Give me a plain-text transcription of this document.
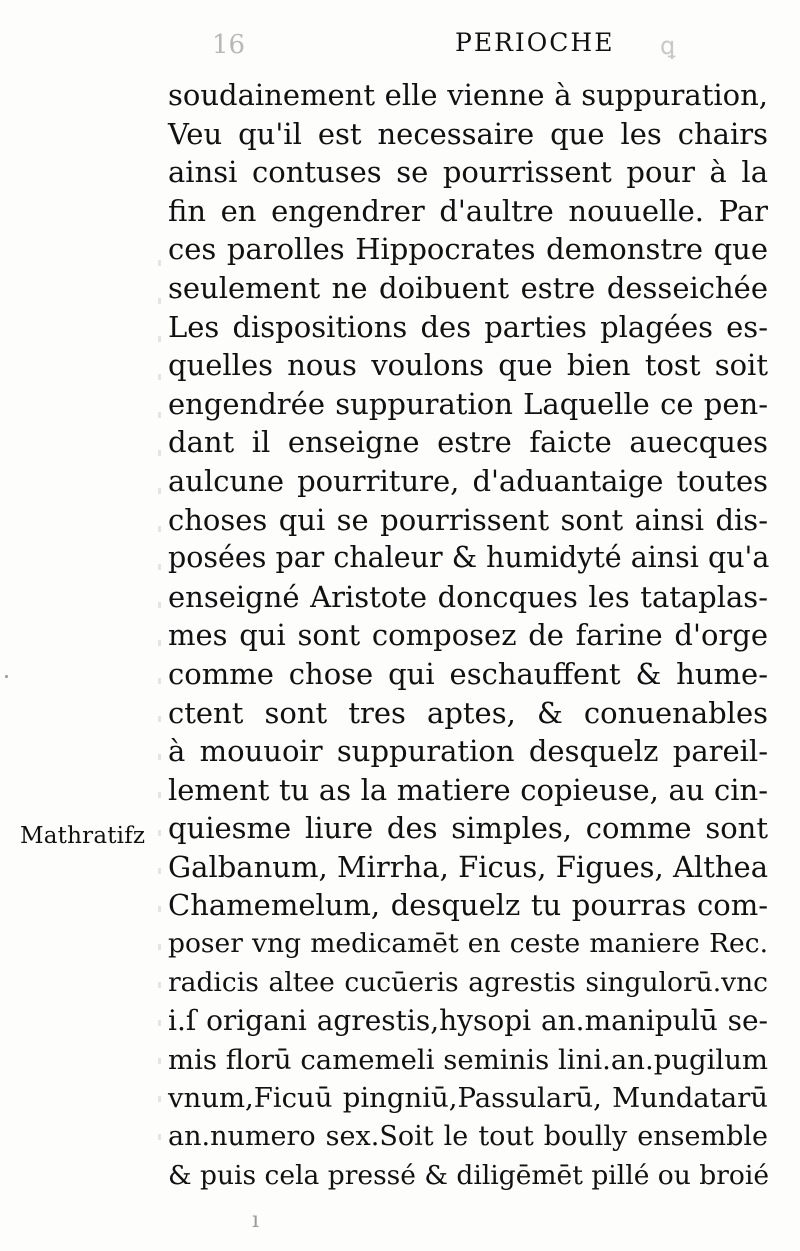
16	PERIOCHE ꝗ
Mathratifz
soudainement elle vienne à suppuration,
Veu qu'il est necessaire que les chairs
ainsi contuses se pourrissent pour à la
fin en engendrer d'aultre nouuelle. Par
ces parolles Hippocrates demonstre que
seulement ne doibuent estre desseichée
Les dispositions des parties plagées es-
quelles nous voulons que bien tost soit
engendrée suppuration Laquelle ce pen-
dant il enseigne estre faicte auecques
aulcune pourriture, d'aduantaige toutes
choses qui se pourrissent sont ainsi dis-
posées par chaleur & humidyté ainsi qu'a
enseigné Aristote doncques les tataplas-
mes qui sont composez de farine d'orge
comme chose qui eschauffent & hume-
ctent sont tres aptes, & conuenables
à mouuoir suppuration desquelz pareil-
lement tu as la matiere copieuse, au cin-
quiesme liure des simples, comme sont
Galbanum, Mirrha, Ficus, Figues, Althea
Chamemelum, desquelz tu pourras com-
poser vng medicamēt en ceste maniere Rec.
radicis altee cucūeris agrestis singulorū.vnc
i.ſ origani agrestis,hysopi an.manipulū se-
mis florū camemeli seminis lini.an.pugilum
vnum,Ficuū pingniū,Passularū, Mundatarū
an.numero sex.Soit le tout boully ensemble
& puis cela pressé & diligēmēt pillé ou broié
ı
